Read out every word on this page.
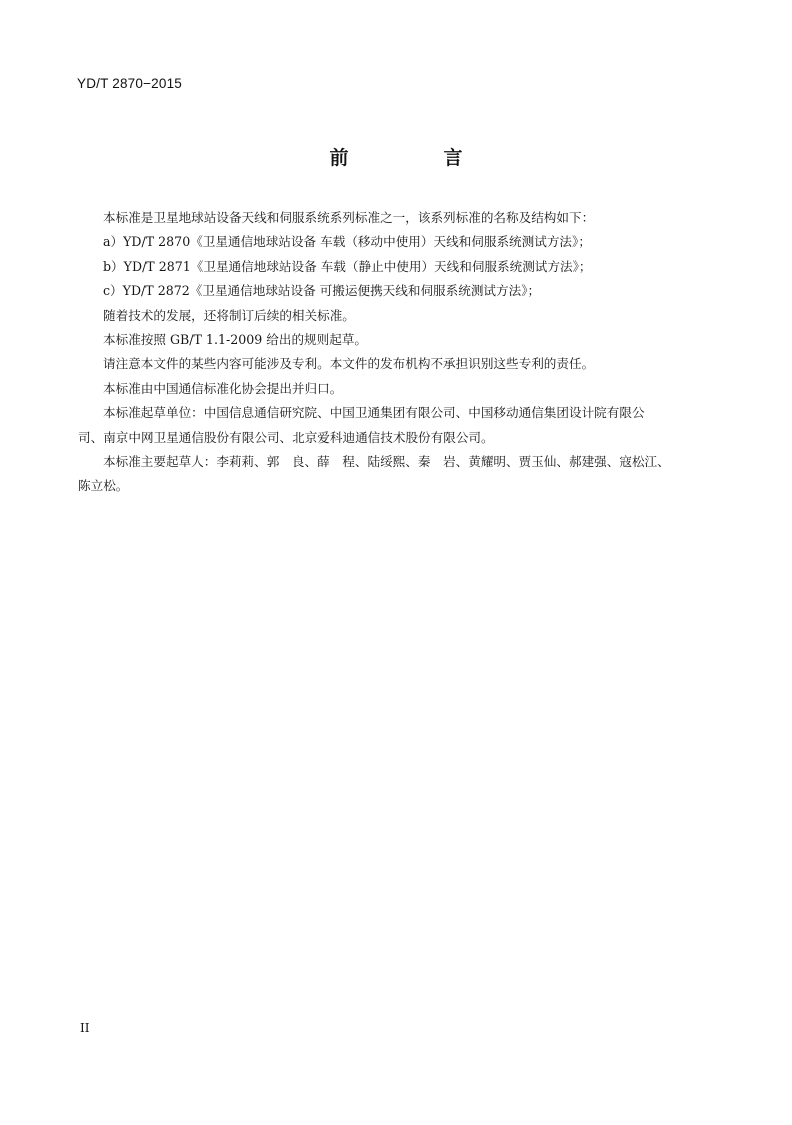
YD/T 2870−2015
前　言

本标准是卫星地球站设备天线和伺服系统系列标准之一，该系列标准的名称及结构如下：

a）YD/T 2870《卫星通信地球站设备 车载（移动中使用）天线和伺服系统测试方法》；

b）YD/T 2871《卫星通信地球站设备 车载（静止中使用）天线和伺服系统测试方法》；

c）YD/T 2872《卫星通信地球站设备 可搬运便携天线和伺服系统测试方法》；

随着技术的发展，还将制订后续的相关标准。

本标准按照 GB/T 1.1-2009 给出的规则起草。

请注意本文件的某些内容可能涉及专利。本文件的发布机构不承担识别这些专利的责任。

本标准由中国通信标准化协会提出并归口。

本标准起草单位：中国信息通信研究院、中国卫通集团有限公司、中国移动通信集团设计院有限公
司、南京中网卫星通信股份有限公司、北京爱科迪通信技术股份有限公司。

本标准主要起草人：李莉莉、郭　良、薛　程、陆绥熙、秦　岩、黄耀明、贾玉仙、郝建强、寇松江、
陈立松。

II
